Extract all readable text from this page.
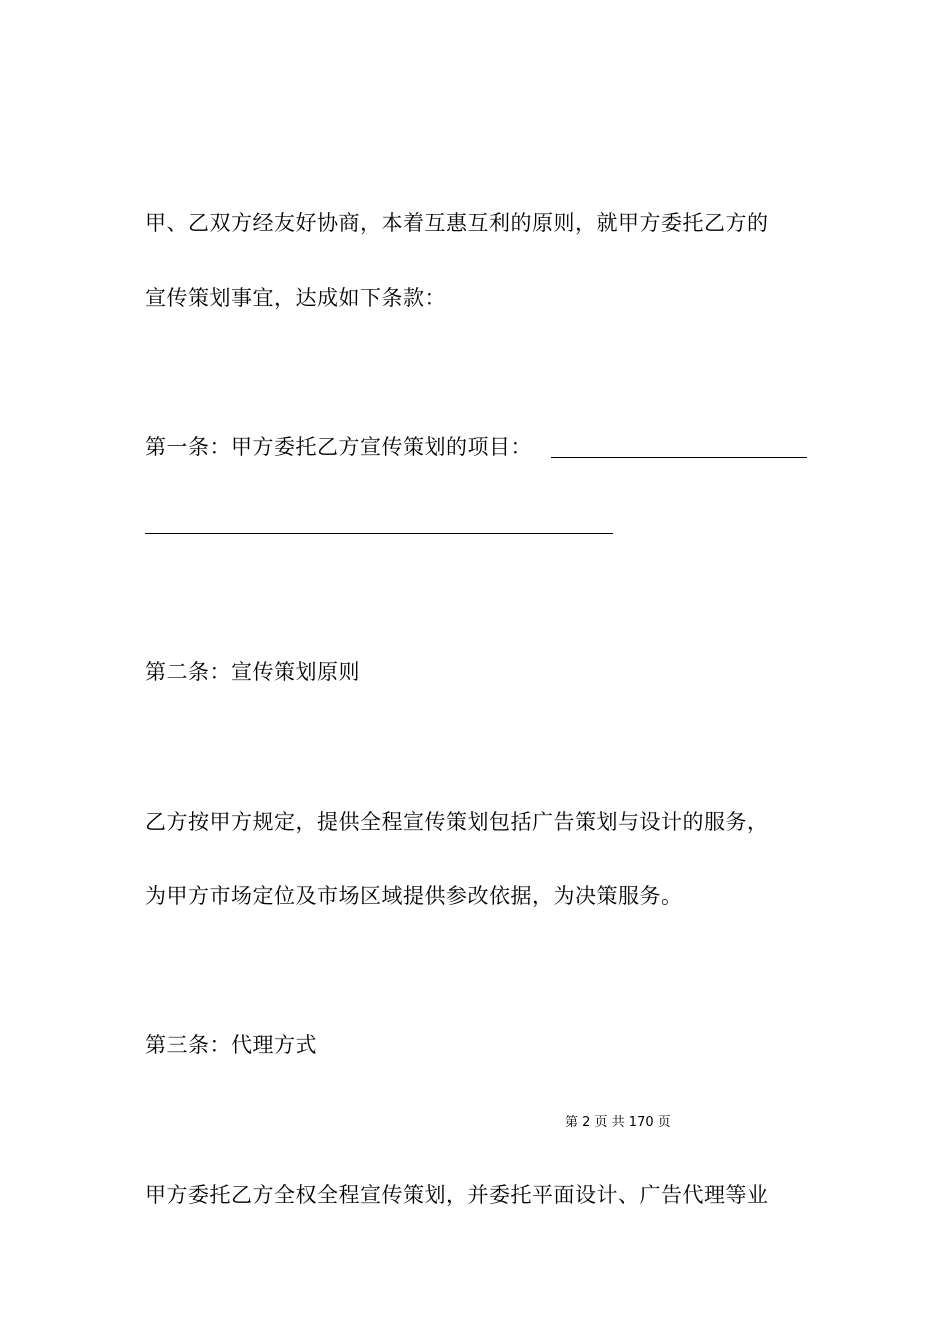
甲、乙双方经友好协商，本着互惠互利的原则，就甲方委托乙方的
宣传策划事宜，达成如下条款：
第一条：甲方委托乙方宣传策划的项目：
第二条：宣传策划原则
乙方按甲方规定，提供全程宣传策划包括广告策划与设计的服务，
为甲方市场定位及市场区域提供参改依据，为决策服务。
第三条：代理方式
第 2 页 共 170 页
甲方委托乙方全权全程宣传策划，并委托平面设计、广告代理等业
